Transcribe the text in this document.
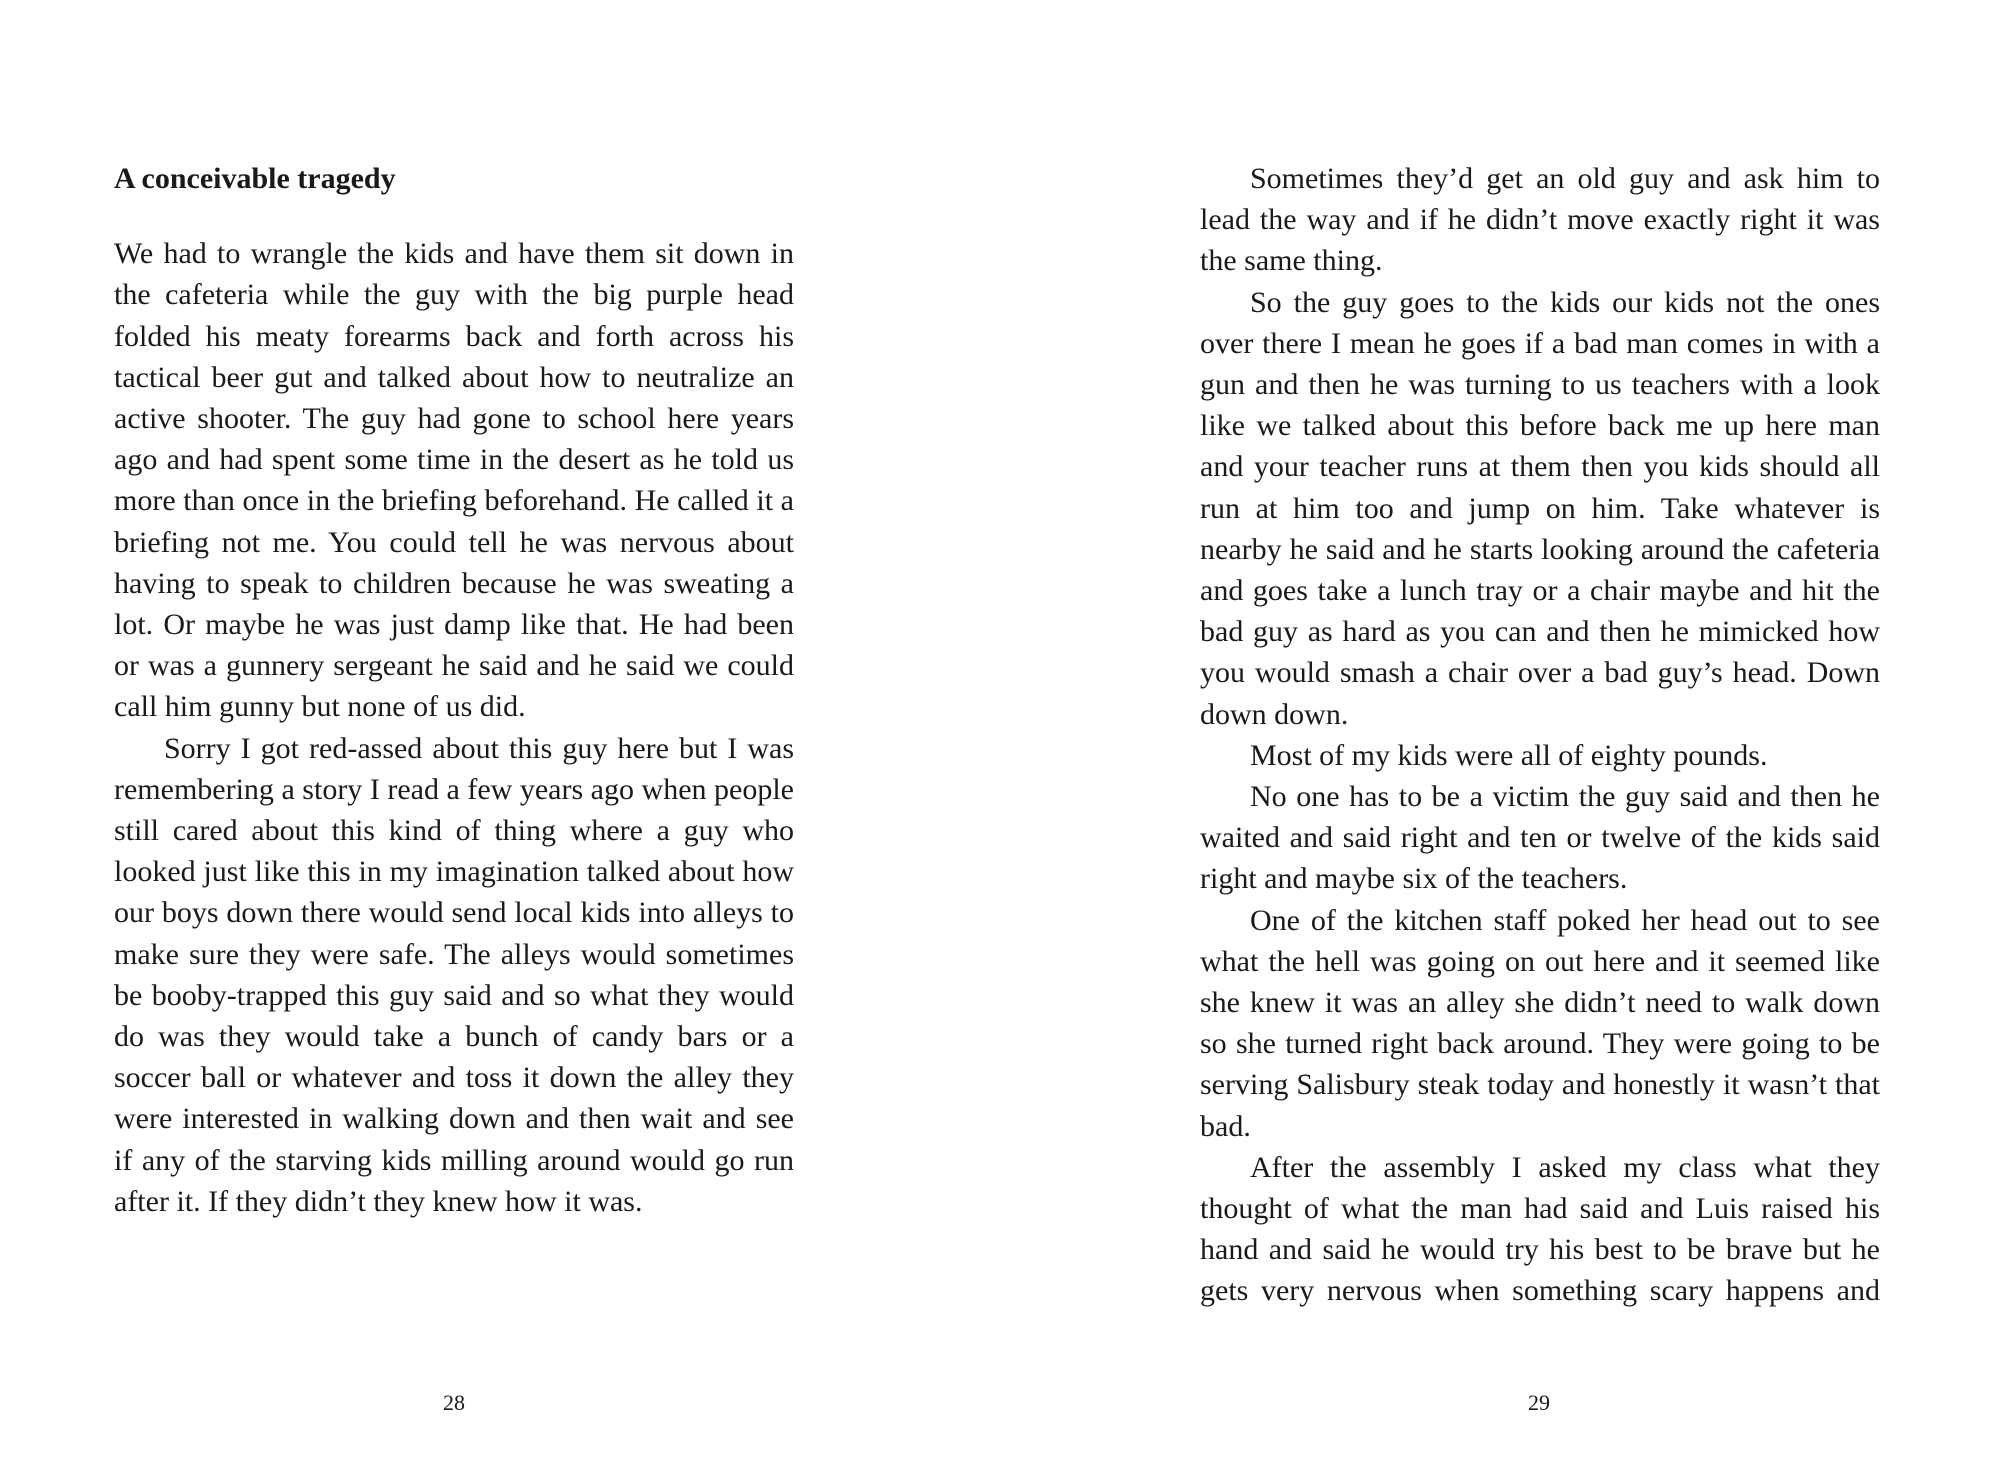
A conceivable tragedy

We had to wrangle the kids and have them sit down in the cafeteria while the guy with the big purple head folded his meaty forearms back and forth across his tactical beer gut and talked about how to neutralize an active shooter. The guy had gone to school here years ago and had spent some time in the desert as he told us more than once in the briefing beforehand. He called it a briefing not me. You could tell he was nervous about having to speak to children because he was sweating a lot. Or maybe he was just damp like that. He had been or was a gunnery sergeant he said and he said we could call him gunny but none of us did.

Sorry I got red-assed about this guy here but I was remembering a story I read a few years ago when people still cared about this kind of thing where a guy who looked just like this in my imagination talked about how our boys down there would send local kids into alleys to make sure they were safe. The alleys would sometimes be booby-trapped this guy said and so what they would do was they would take a bunch of candy bars or a soccer ball or whatever and toss it down the alley they were interested in walking down and then wait and see if any of the starving kids milling around would go run after it. If they didn’t they knew how it was.

28

Sometimes they’d get an old guy and ask him to lead the way and if he didn’t move exactly right it was the same thing.

So the guy goes to the kids our kids not the ones over there I mean he goes if a bad man comes in with a gun and then he was turning to us teachers with a look like we talked about this before back me up here man and your teacher runs at them then you kids should all run at him too and jump on him. Take whatever is nearby he said and he starts looking around the cafeteria and goes take a lunch tray or a chair maybe and hit the bad guy as hard as you can and then he mimicked how you would smash a chair over a bad guy’s head. Down down down.

Most of my kids were all of eighty pounds.

No one has to be a victim the guy said and then he waited and said right and ten or twelve of the kids said right and maybe six of the teachers.

One of the kitchen staff poked her head out to see what the hell was going on out here and it seemed like she knew it was an alley she didn’t need to walk down so she turned right back around. They were going to be serving Salisbury steak today and honestly it wasn’t that bad.

After the assembly I asked my class what they thought of what the man had said and Luis raised his hand and said he would try his best to be brave but he gets very nervous when something scary happens and

29
